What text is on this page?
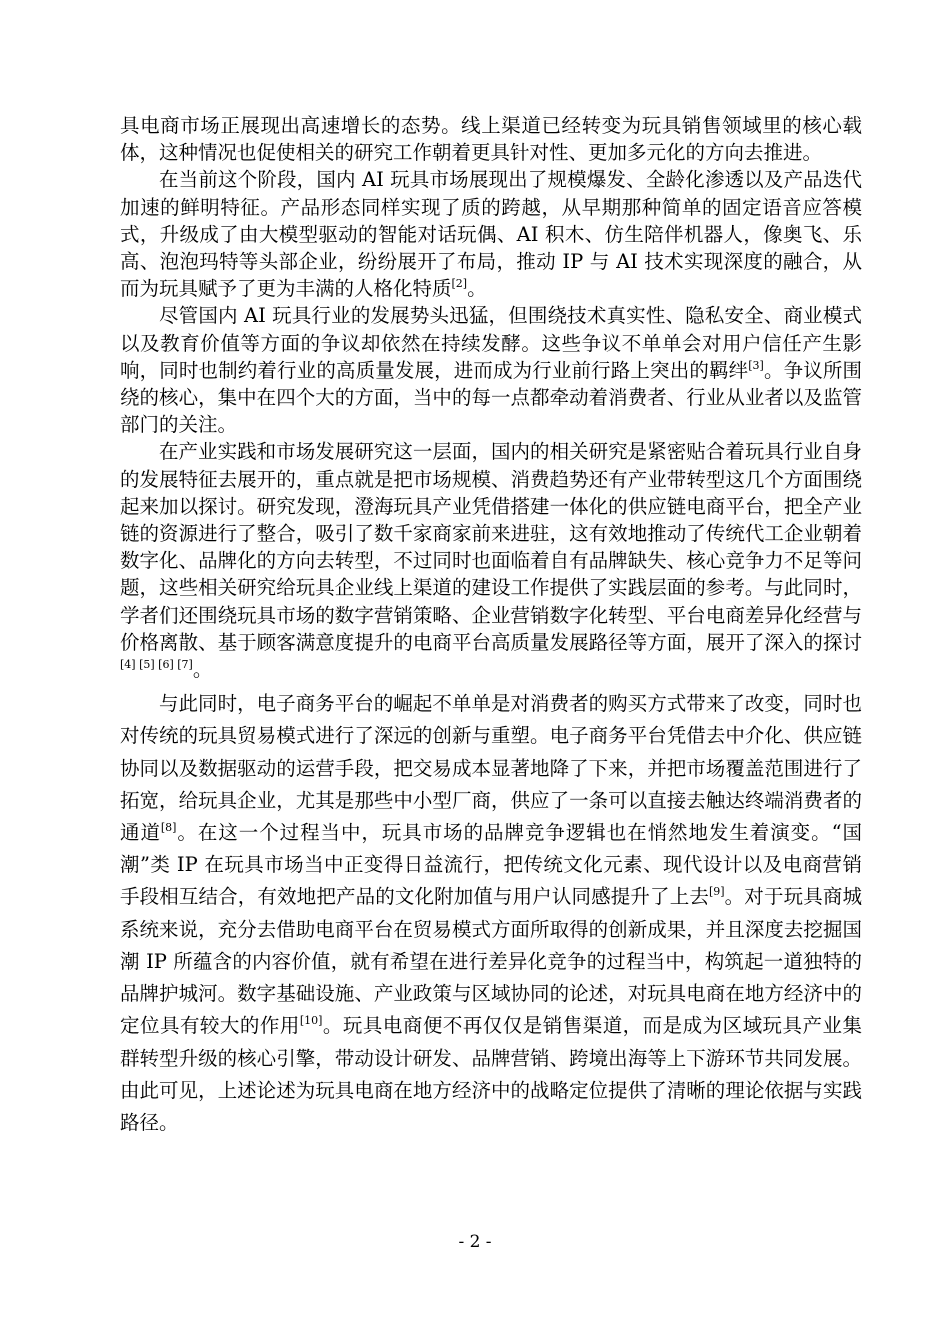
具电商市场正展现出高速增长的态势。线上渠道已经转变为玩具销售领域里的核心载体，这种情况也促使相关的研究工作朝着更具针对性、更加多元化的方向去推进。

在当前这个阶段，国内 AI 玩具市场展现出了规模爆发、全龄化渗透以及产品迭代加速的鲜明特征。产品形态同样实现了质的跨越，从早期那种简单的固定语音应答模式，升级成了由大模型驱动的智能对话玩偶、AI 积木、仿生陪伴机器人，像奥飞、乐高、泡泡玛特等头部企业，纷纷展开了布局，推动 IP 与 AI 技术实现深度的融合，从而为玩具赋予了更为丰满的人格化特质[2]。

尽管国内 AI 玩具行业的发展势头迅猛，但围绕技术真实性、隐私安全、商业模式以及教育价值等方面的争议却依然在持续发酵。这些争议不单单会对用户信任产生影响，同时也制约着行业的高质量发展，进而成为行业前行路上突出的羁绊[3]。争议所围绕的核心，集中在四个大的方面，当中的每一点都牵动着消费者、行业从业者以及监管部门的关注。

在产业实践和市场发展研究这一层面，国内的相关研究是紧密贴合着玩具行业自身的发展特征去展开的，重点就是把市场规模、消费趋势还有产业带转型这几个方面围绕起来加以探讨。研究发现，澄海玩具产业凭借搭建一体化的供应链电商平台，把全产业链的资源进行了整合，吸引了数千家商家前来进驻，这有效地推动了传统代工企业朝着数字化、品牌化的方向去转型，不过同时也面临着自有品牌缺失、核心竞争力不足等问题，这些相关研究给玩具企业线上渠道的建设工作提供了实践层面的参考。与此同时，学者们还围绕玩具市场的数字营销策略、企业营销数字化转型、平台电商差异化经营与价格离散、基于顾客满意度提升的电商平台高质量发展路径等方面，展开了深入的探讨[4] [5] [6] [7]。

与此同时，电子商务平台的崛起不单单是对消费者的购买方式带来了改变，同时也对传统的玩具贸易模式进行了深远的创新与重塑。电子商务平台凭借去中介化、供应链协同以及数据驱动的运营手段，把交易成本显著地降了下来，并把市场覆盖范围进行了拓宽，给玩具企业，尤其是那些中小型厂商，供应了一条可以直接去触达终端消费者的通道[8]。在这一个过程当中，玩具市场的品牌竞争逻辑也在悄然地发生着演变。“国潮”类 IP 在玩具市场当中正变得日益流行，把传统文化元素、现代设计以及电商营销手段相互结合，有效地把产品的文化附加值与用户认同感提升了上去[9]。对于玩具商城系统来说，充分去借助电商平台在贸易模式方面所取得的创新成果，并且深度去挖掘国潮 IP 所蕴含的内容价值，就有希望在进行差异化竞争的过程当中，构筑起一道独特的品牌护城河。数字基础设施、产业政策与区域协同的论述，对玩具电商在地方经济中的定位具有较大的作用[10]。玩具电商便不再仅仅是销售渠道，而是成为区域玩具产业集群转型升级的核心引擎，带动设计研发、品牌营销、跨境出海等上下游环节共同发展。由此可见，上述论述为玩具电商在地方经济中的战略定位提供了清晰的理论依据与实践路径。

- 2 -
